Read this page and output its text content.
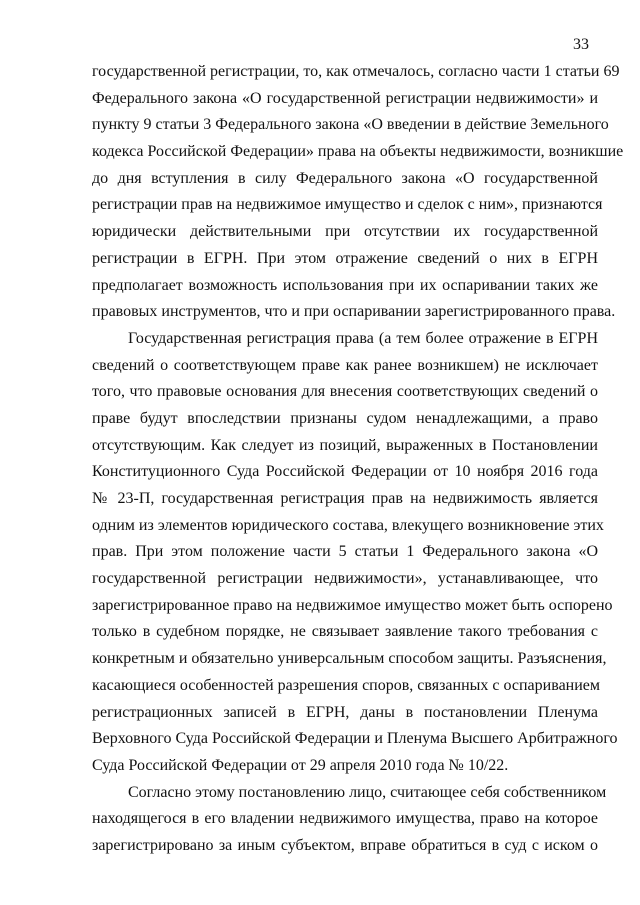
33

государственной регистрации, то, как отмечалось, согласно части 1 статьи 69
Федерального закона «О государственной регистрации недвижимости» и
пункту 9 статьи 3 Федерального закона «О введении в действие Земельного
кодекса Российской Федерации» права на объекты недвижимости, возникшие
до дня вступления в силу Федерального закона «О государственной
регистрации прав на недвижимое имущество и сделок с ним», признаются
юридически действительными при отсутствии их государственной
регистрации в ЕГРН. При этом отражение сведений о них в ЕГРН
предполагает возможность использования при их оспаривании таких же
правовых инструментов, что и при оспаривании зарегистрированного права.

Государственная регистрация права (а тем более отражение в ЕГРН
сведений о соответствующем праве как ранее возникшем) не исключает
того, что правовые основания для внесения соответствующих сведений о
праве будут впоследствии признаны судом ненадлежащими, а право
отсутствующим. Как следует из позиций, выраженных в Постановлении
Конституционного Суда Российской Федерации от 10 ноября 2016 года
№ 23-П, государственная регистрация прав на недвижимость является
одним из элементов юридического состава, влекущего возникновение этих
прав. При этом положение части 5 статьи 1 Федерального закона «О
государственной регистрации недвижимости», устанавливающее, что
зарегистрированное право на недвижимое имущество может быть оспорено
только в судебном порядке, не связывает заявление такого требования с
конкретным и обязательно универсальным способом защиты. Разъяснения,
касающиеся особенностей разрешения споров, связанных с оспариванием
регистрационных записей в ЕГРН, даны в постановлении Пленума
Верховного Суда Российской Федерации и Пленума Высшего Арбитражного
Суда Российской Федерации от 29 апреля 2010 года № 10/22.

Согласно этому постановлению лицо, считающее себя собственником
находящегося в его владении недвижимого имущества, право на которое
зарегистрировано за иным субъектом, вправе обратиться в суд с иском о
